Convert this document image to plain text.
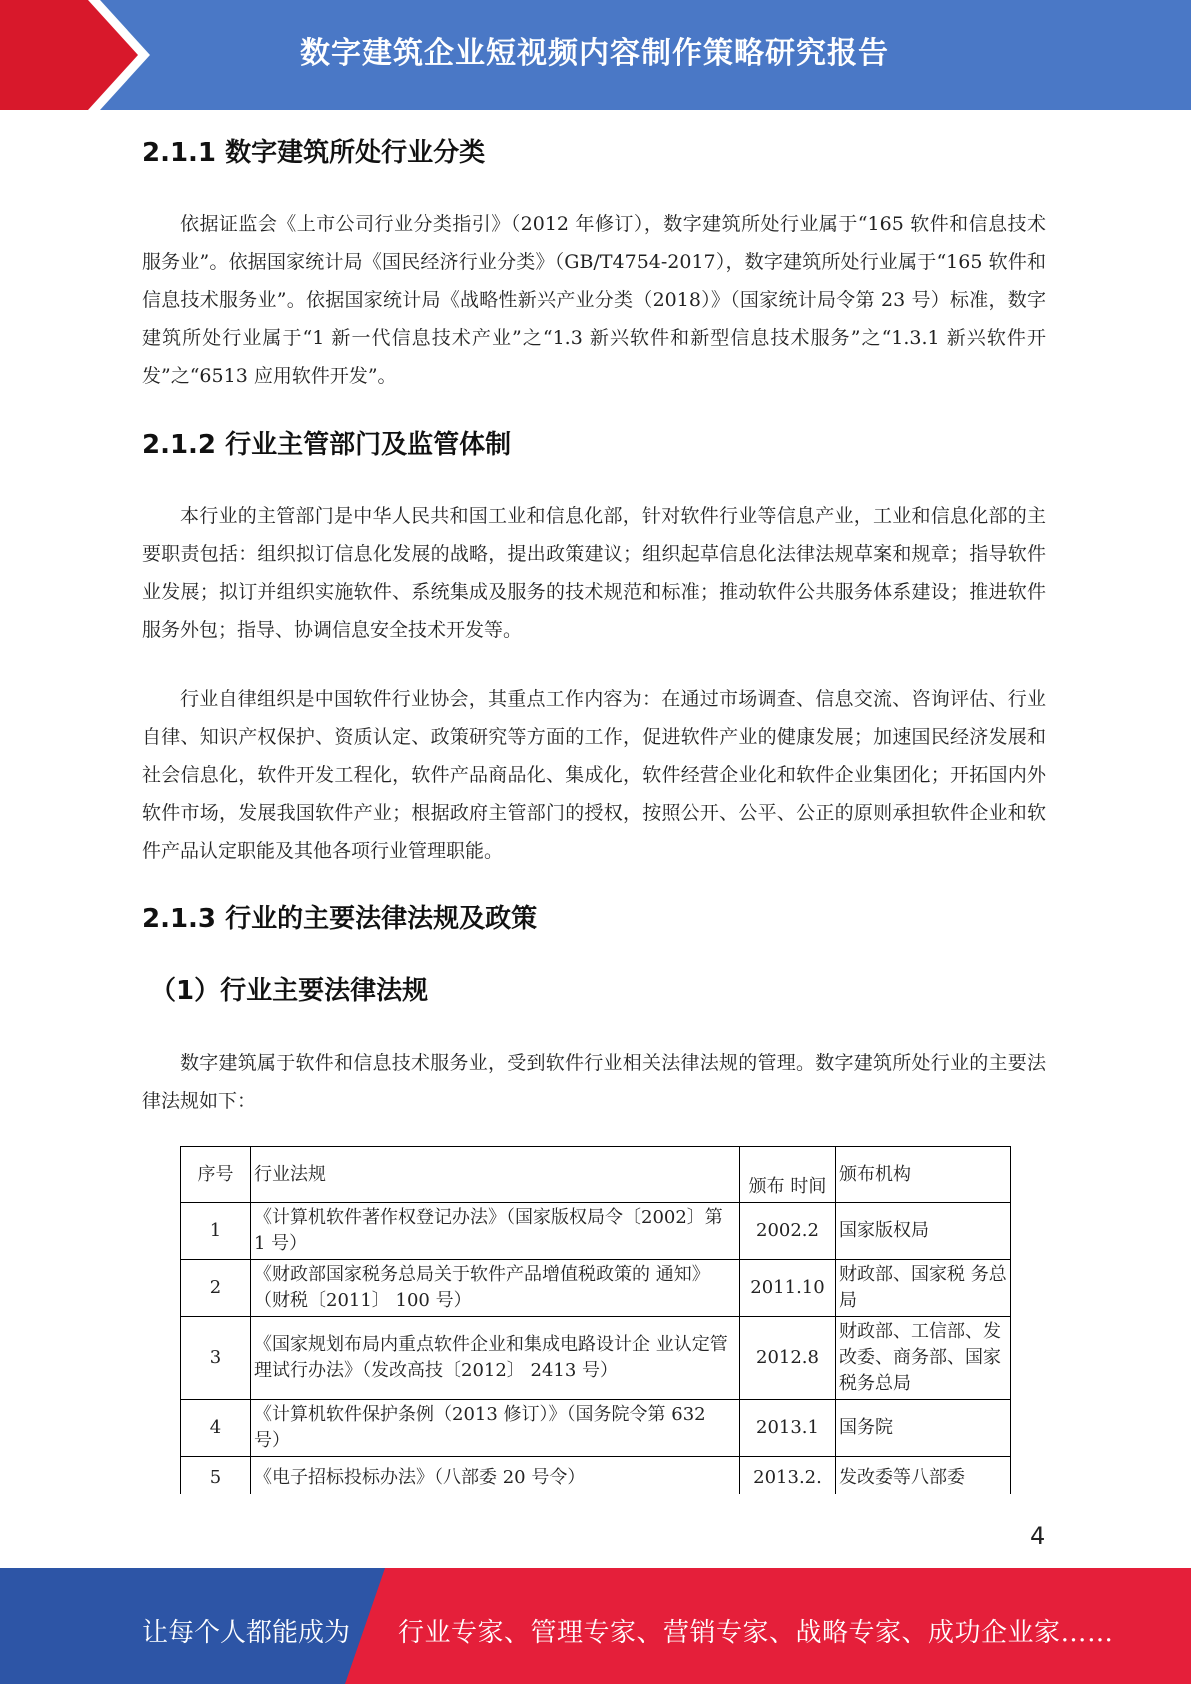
数字建筑企业短视频内容制作策略研究报告
2.1.1 数字建筑所处行业分类

依据证监会《上市公司行业分类指引》（2012 年修订），数字建筑所处行业属于“165 软件和信息技术服务业”。依据国家统计局《国民经济行业分类》（GB/T4754-2017），数字建筑所处行业属于“165 软件和信息技术服务业”。依据国家统计局《战略性新兴产业分类（2018）》（国家统计局令第 23 号）标准，数字建筑所处行业属于“1 新一代信息技术产业”之“1.3 新兴软件和新型信息技术服务”之“1.3.1 新兴软件开发”之“6513 应用软件开发”。

2.1.2 行业主管部门及监管体制

本行业的主管部门是中华人民共和国工业和信息化部，针对软件行业等信息产业，工业和信息化部的主要职责包括：组织拟订信息化发展的战略，提出政策建议；组织起草信息化法律法规草案和规章；指导软件业发展；拟订并组织实施软件、系统集成及服务的技术规范和标准；推动软件公共服务体系建设；推进软件服务外包；指导、协调信息安全技术开发等。

行业自律组织是中国软件行业协会，其重点工作内容为：在通过市场调查、信息交流、咨询评估、行业自律、知识产权保护、资质认定、政策研究等方面的工作，促进软件产业的健康发展；加速国民经济发展和社会信息化，软件开发工程化，软件产品商品化、集成化，软件经营企业化和软件企业集团化；开拓国内外软件市场，发展我国软件产业；根据政府主管部门的授权，按照公开、公平、公正的原则承担软件企业和软件产品认定职能及其他各项行业管理职能。

2.1.3 行业的主要法律法规及政策
（1）行业主要法律法规

数字建筑属于软件和信息技术服务业，受到软件行业相关法律法规的管理。数字建筑所处行业的主要法律法规如下：

序号	行业法规	颁布 时间	颁布机构
1	《计算机软件著作权登记办法》（国家版权局令〔2002〕第 1 号）	2002.2	国家版权局
2	《财政部国家税务总局关于软件产品增值税政策的 通知》（财税〔2011〕 100 号）	2011.10	财政部、国家税 务总局
3	《国家规划布局内重点软件企业和集成电路设计企 业认定管理试行办法》（发改高技〔2012〕 2413 号）	2012.8	财政部、工信部、发改委、商务部、国家税务总局
4	《计算机软件保护条例（2013 修订）》（国务院令第 632 号）	2013.1	国务院
5	《电子招标投标办法》（八部委 20 号令）	2013.2.	发改委等八部委
4
让每个人都能成为 行业专家、管理专家、营销专家、战略专家、成功企业家……
